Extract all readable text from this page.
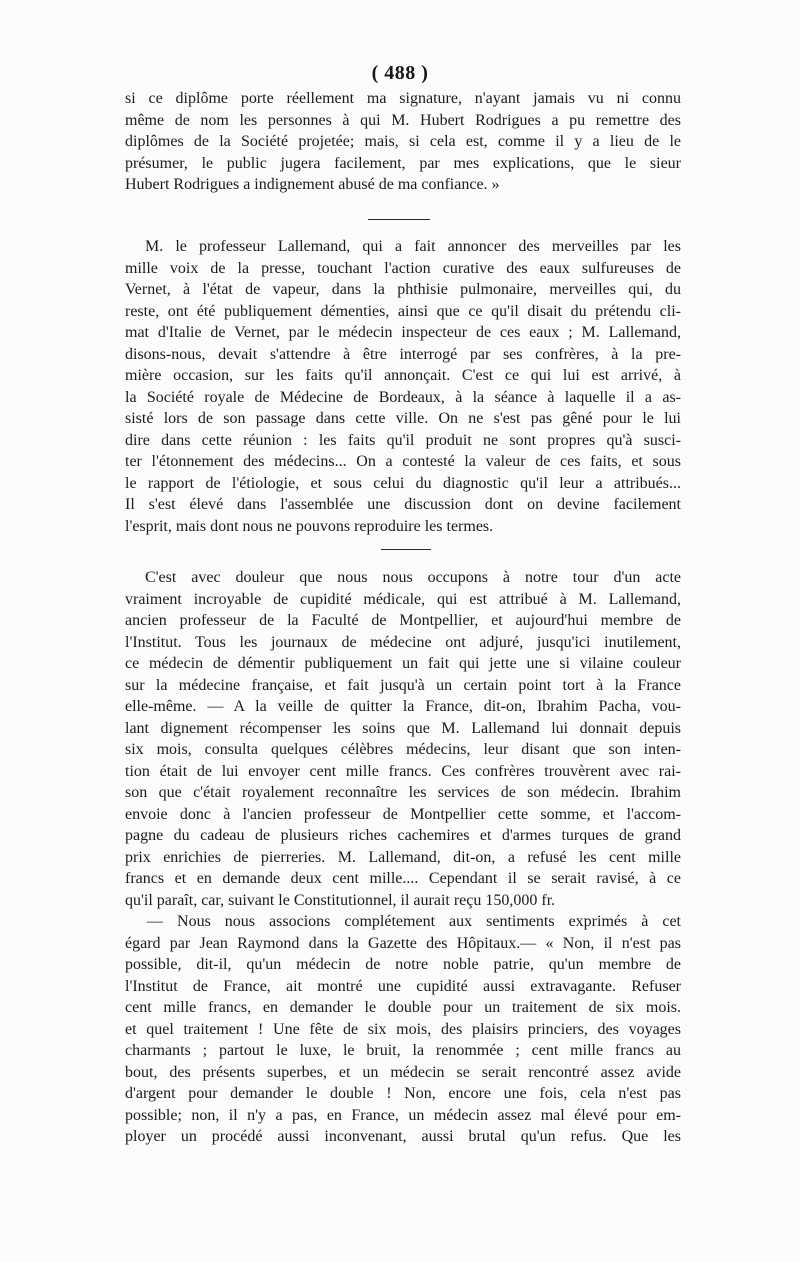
( 488 )
si ce diplôme porte réellement ma signature, n'ayant jamais vu ni connu
même de nom les personnes à qui M. Hubert Rodrigues a pu remettre des
diplômes de la Société projetée; mais, si cela est, comme il y a lieu de le
présumer, le public jugera facilement, par mes explications, que le sieur
Hubert Rodrigues a indignement abusé de ma confiance. »
M. le professeur Lallemand, qui a fait annoncer des merveilles par les
mille voix de la presse, touchant l'action curative des eaux sulfureuses de
Vernet, à l'état de vapeur, dans la phthisie pulmonaire, merveilles qui, du
reste, ont été publiquement démenties, ainsi que ce qu'il disait du prétendu cli-
mat d'Italie de Vernet, par le médecin inspecteur de ces eaux ; M. Lallemand,
disons-nous, devait s'attendre à être interrogé par ses confrères, à la pre-
mière occasion, sur les faits qu'il annonçait. C'est ce qui lui est arrivé, à
la Société royale de Médecine de Bordeaux, à la séance à laquelle il a as-
sisté lors de son passage dans cette ville. On ne s'est pas gêné pour le lui
dire dans cette réunion : les faits qu'il produit ne sont propres qu'à susci-
ter l'étonnement des médecins... On a contesté la valeur de ces faits, et sous
le rapport de l'étiologie, et sous celui du diagnostic qu'il leur a attribués...
Il s'est élevé dans l'assemblée une discussion dont on devine facilement
l'esprit, mais dont nous ne pouvons reproduire les termes.
C'est avec douleur que nous nous occupons à notre tour d'un acte
vraiment incroyable de cupidité médicale, qui est attribué à M. Lallemand,
ancien professeur de la Faculté de Montpellier, et aujourd'hui membre de
l'Institut. Tous les journaux de médecine ont adjuré, jusqu'ici inutilement,
ce médecin de démentir publiquement un fait qui jette une si vilaine couleur
sur la médecine française, et fait jusqu'à un certain point tort à la France
elle-même. — A la veille de quitter la France, dit-on, Ibrahim Pacha, vou-
lant dignement récompenser les soins que M. Lallemand lui donnait depuis
six mois, consulta quelques célèbres médecins, leur disant que son inten-
tion était de lui envoyer cent mille francs. Ces confrères trouvèrent avec rai-
son que c'était royalement reconnaître les services de son médecin. Ibrahim
envoie donc à l'ancien professeur de Montpellier cette somme, et l'accom-
pagne du cadeau de plusieurs riches cachemires et d'armes turques de grand
prix enrichies de pierreries. M. Lallemand, dit-on, a refusé les cent mille
francs et en demande deux cent mille.... Cependant il se serait ravisé, à ce
qu'il paraît, car, suivant le Constitutionnel, il aurait reçu 150,000 fr.
— Nous nous associons complétement aux sentiments exprimés à cet
égard par Jean Raymond dans la Gazette des Hôpitaux.— « Non, il n'est pas
possible, dit-il, qu'un médecin de notre noble patrie, qu'un membre de
l'Institut de France, ait montré une cupidité aussi extravagante. Refuser
cent mille francs, en demander le double pour un traitement de six mois.
et quel traitement ! Une fête de six mois, des plaisirs princiers, des voyages
charmants ; partout le luxe, le bruit, la renommée ; cent mille francs au
bout, des présents superbes, et un médecin se serait rencontré assez avide
d'argent pour demander le double ! Non, encore une fois, cela n'est pas
possible; non, il n'y a pas, en France, un médecin assez mal élevé pour em-
ployer un procédé aussi inconvenant, aussi brutal qu'un refus. Que les
